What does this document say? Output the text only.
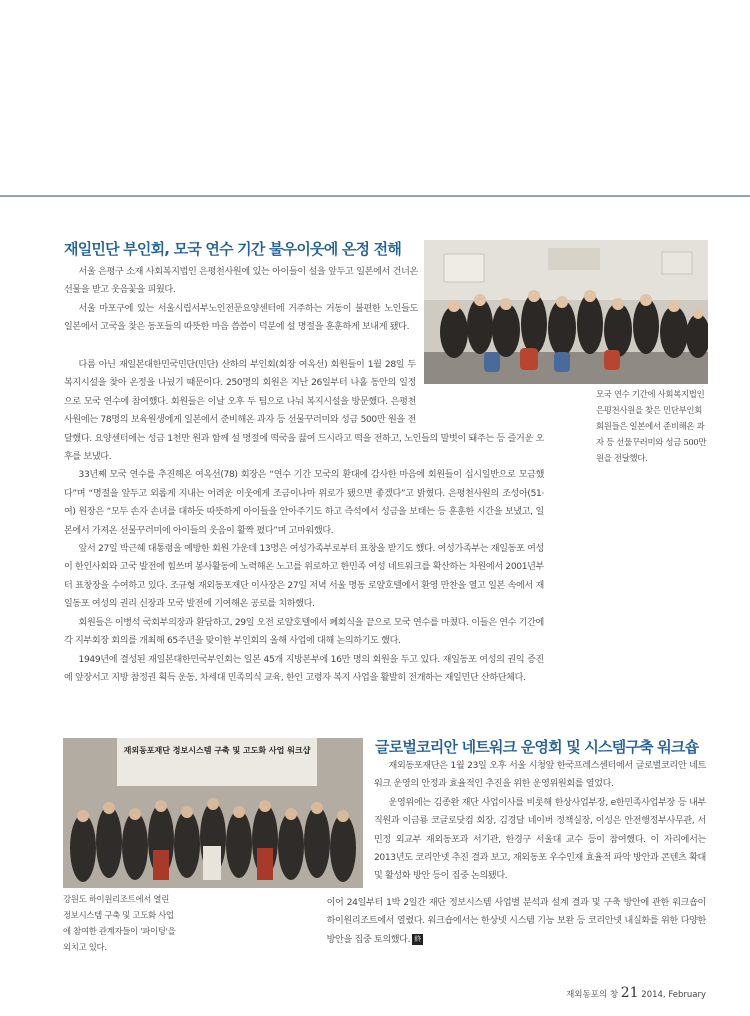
재일민단 부인회, 모국 연수 기간 불우이웃에 온정 전해

서울 은평구 소재 사회복지법인 은평천사원에 있는 아이들이 설을 앞두고 일본에서 건너온 선물을 받고 웃음꽃을 피웠다.

서울 마포구에 있는 서울시립서부노인전문요양센터에 거주하는 거동이 불편한 노인들도 일본에서 고국을 찾은 동포들의 따뜻한 마음 씀씀이 덕분에 설 명절을 훈훈하게 보내게 됐다.

다름 아닌 재일본대한민국민단(민단) 산하의 부인회(회장 여옥선) 회원들이 1월 28일 두 복지시설을 찾아 온정을 나눴기 때문이다. 250명의 회원은 지난 26일부터 나흘 동안의 일정으로 모국 연수에 참여했다. 회원들은 이날 오후 두 팀으로 나눠 복지시설을 방문했다. 은평천사원에는 78명의 보육원생에게 일본에서 준비해온 과자 등 선물꾸러미와 성금 500만 원을 전달했다. 요양센터에는 성금 1천만 원과 함께 설 명절에 떡국을 끓여 드시라고 떡을 전하고, 노인들의 말벗이 돼주는 등 즐거운 오후를 보냈다.

33년째 모국 연수를 추진해온 여옥선(78) 회장은 “연수 기간 모국의 환대에 감사한 마음에 회원들이 십시일반으로 모금했다”며 “명절을 앞두고 외롭게 지내는 어려운 이웃에게 조금이나마 위로가 됐으면 좋겠다”고 밝혔다. 은평천사원의 조성아(51·여) 원장은 “모두 손자 손녀를 대하듯 따뜻하게 아이들을 안아주기도 하고 즉석에서 성금을 보태는 등 훈훈한 시간을 보냈고, 일본에서 가져온 선물꾸러미에 아이들의 웃음이 활짝 폈다”며 고마워했다.

앞서 27일 박근혜 대통령을 예방한 회원 가운데 13명은 여성가족부로부터 표창을 받기도 했다. 여성가족부는 재일동포 여성이 한인사회와 고국 발전에 힘쓰며 봉사활동에 노력해온 노고를 위로하고 한민족 여성 네트워크를 확산하는 차원에서 2001년부터 표창장을 수여하고 있다. 조규형 재외동포재단 이사장은 27일 저녁 서울 명동 로얄호텔에서 환영 만찬을 열고 일본 속에서 재일동포 여성의 권리 신장과 모국 발전에 기여해온 공로를 치하했다.

회원들은 이병석 국회부의장과 환담하고, 29일 오전 로얄호텔에서 폐회식을 끝으로 모국 연수를 마쳤다. 이들은 연수 기간에 각 지부회장 회의를 개최해 65주년을 맞이한 부인회의 올해 사업에 대해 논의하기도 했다.

1949년에 결성된 재일본대한민국부인회는 일본 45개 지방본부에 16만 명의 회원을 두고 있다. 재일동포 여성의 권익 증진에 앞장서고 지방 참정권 획득 운동, 차세대 민족의식 교육, 한인 고령자 복지 사업을 활발히 전개하는 재일민단 산하단체다.

모국 연수 기간에 사회복지법인 은평천사원을 찾은 민단부인회 회원들은 일본에서 준비해온 과자 등 선물꾸러미와 성금 500만 원을 전달했다.
글로벌코리안 네트워크 운영회 및 시스템구축 워크숍

재외동포재단은 1월 23일 오후 서울 시청앞 한국프레스센터에서 글로벌코리안 네트워크 운영의 안정과 효율적인 추진을 위한 운영위원회를 열었다.

운영위에는 김종완 재단 사업이사를 비롯해 한상사업부장, e한민족사업부장 등 내부 직원과 이금룡 코글로닷컴 회장, 김경달 네이버 정책실장, 이성은 안전행정부사무관, 서민정 외교부 재외동포과 서기관, 한경구 서울대 교수 등이 참여했다. 이 자리에서는 2013년도 코리안넷 추진 결과 보고, 재외동포 우수인재 효율적 파악 방안과 콘텐츠 확대 및 활성화 방안 등이 집중 논의됐다.

이어 24일부터 1박 2일간 재단 정보시스템 사업별 분석과 설계 결과 및 구축 방안에 관한 워크숍이 하이원리조트에서 열렸다. 워크숍에서는 한상넷 시스템 기능 보완 등 코리안넷 내실화를 위한 다양한 방안을 집중 토의했다. 終

재외동포재단 정보시스템 구축 및 고도화 사업 워크샵
강원도 하이원리조트에서 열린 정보시스템 구축 및 고도화 사업에 참여한 관계자들이 '파이팅'을 외치고 있다.
재외동포의 창 21 2014, February
